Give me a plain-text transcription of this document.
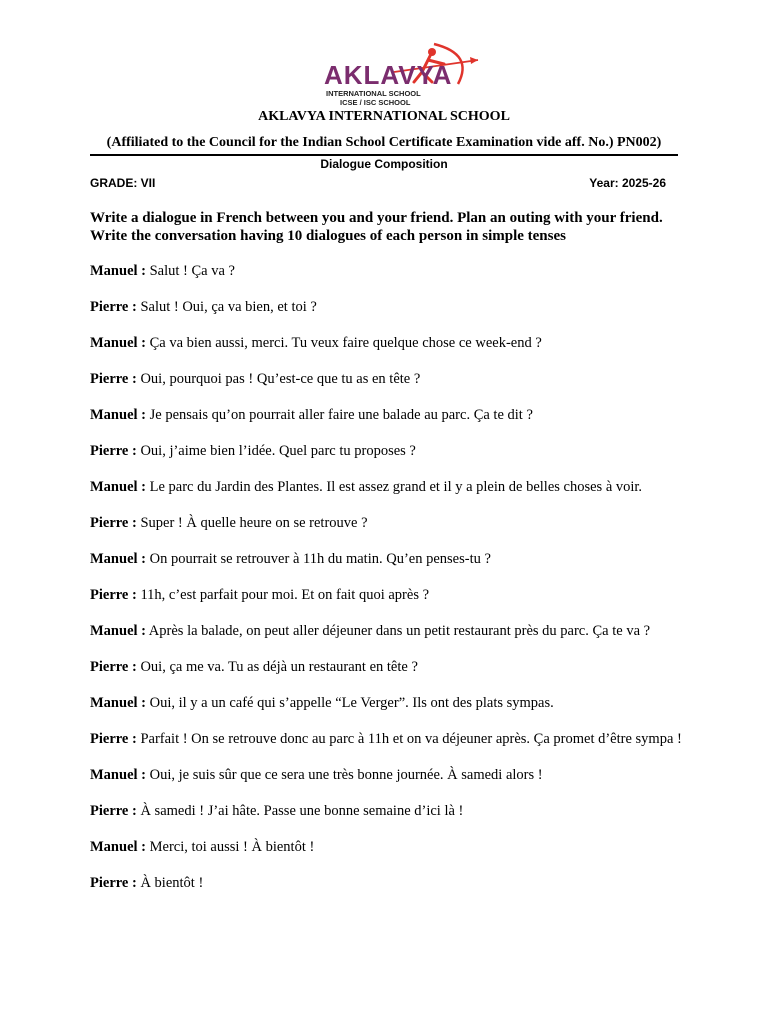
AKLAVYA
INTERNATIONAL SCHOOL
ICSE / ISC SCHOOL
AKLAVYA INTERNATIONAL SCHOOL
(Affiliated to the Council for the Indian School Certificate Examination vide aff. No.) PN002)
Dialogue Composition
GRADE: VII	Year: 2025-26
Write a dialogue in French between you and your friend. Plan an outing with your friend. Write the conversation having 10 dialogues of each person in simple tenses
Manuel : Salut ! Ça va ?
Pierre : Salut ! Oui, ça va bien, et toi ?
Manuel : Ça va bien aussi, merci. Tu veux faire quelque chose ce week-end ?
Pierre : Oui, pourquoi pas ! Qu’est-ce que tu as en tête ?
Manuel : Je pensais qu’on pourrait aller faire une balade au parc. Ça te dit ?
Pierre : Oui, j’aime bien l’idée. Quel parc tu proposes ?
Manuel : Le parc du Jardin des Plantes. Il est assez grand et il y a plein de belles choses à voir.
Pierre : Super ! À quelle heure on se retrouve ?
Manuel : On pourrait se retrouver à 11h du matin. Qu’en penses-tu ?
Pierre : 11h, c’est parfait pour moi. Et on fait quoi après ?
Manuel : Après la balade, on peut aller déjeuner dans un petit restaurant près du parc. Ça te va ?
Pierre : Oui, ça me va. Tu as déjà un restaurant en tête ?
Manuel : Oui, il y a un café qui s’appelle “Le Verger”. Ils ont des plats sympas.
Pierre : Parfait ! On se retrouve donc au parc à 11h et on va déjeuner après. Ça promet d’être sympa !
Manuel : Oui, je suis sûr que ce sera une très bonne journée. À samedi alors !
Pierre : À samedi ! J’ai hâte. Passe une bonne semaine d’ici là !
Manuel : Merci, toi aussi ! À bientôt !
Pierre : À bientôt !
